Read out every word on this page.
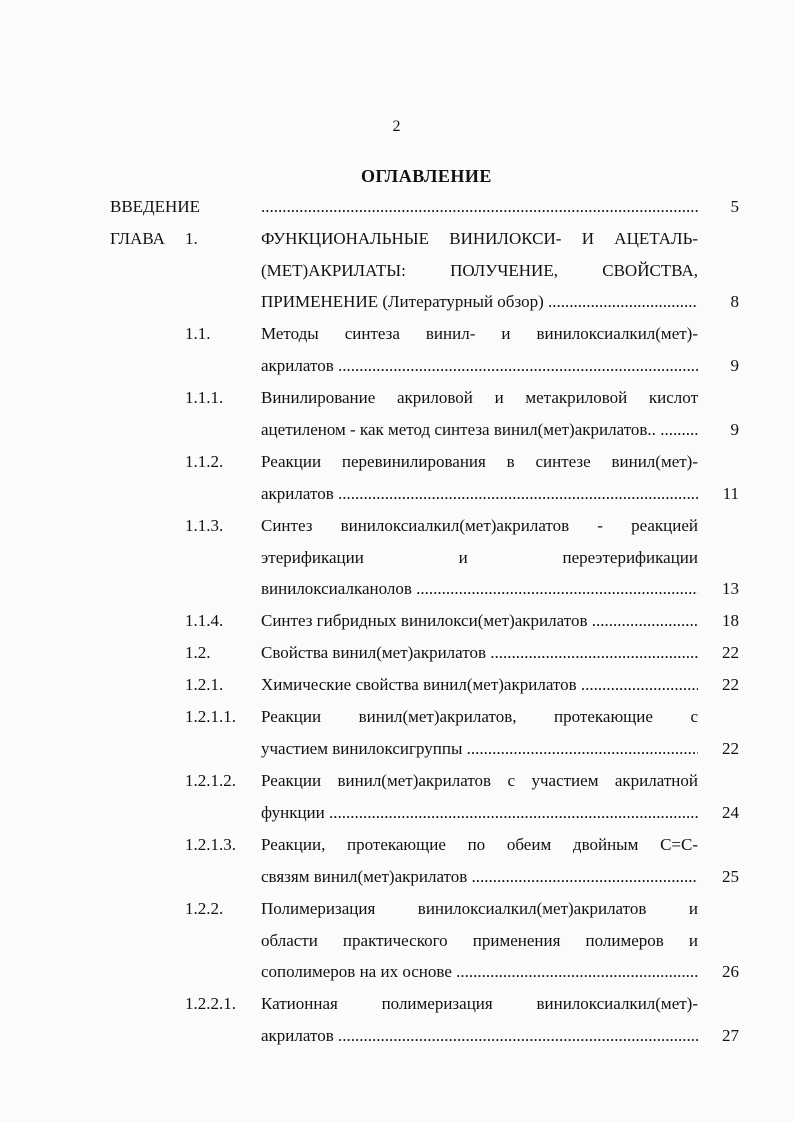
2
ОГЛАВЛЕНИЕ
ВВЕДЕНИЕ .....	5
ГЛАВА 1.	ФУНКЦИОНАЛЬНЫЕ ВИНИЛОКСИ- И АЦЕТАЛЬ-
(МЕТ)АКРИЛАТЫ: ПОЛУЧЕНИЕ, СВОЙСТВА,
ПРИМЕНЕНИЕ (Литературный обзор) .....	8
1.1.	Методы синтеза винил- и винилоксиалкил(мет)-
акрилатов .....	9
1.1.1. Винилирование акриловой и метакриловой кислот
ацетиленом - как метод синтеза винил(мет)акрилатов.. .....	9
1.1.2. Реакции перевинилирования в синтезе винил(мет)-
акрилатов .....	11
1.1.3. Синтез винилоксиалкил(мет)акрилатов - реакцией
этерификации и переэтерификации
винилоксиалканолов .....	13
1.1.4. Синтез гибридных винилокси(мет)акрилатов .....	18
1.2.	Свойства винил(мет)акрилатов .....	22
1.2.1. Химические свойства винил(мет)акрилатов .....	22
1.2.1.1. Реакции винил(мет)акрилатов, протекающие с
участием винилоксигруппы .....	22
1.2.1.2. Реакции винил(мет)акрилатов с участием акрилатной
функции .....	24
1.2.1.3. Реакции, протекающие по обеим двойным С=С-
связям винил(мет)акрилатов .....	25
1.2.2. Полимеризация винилоксиалкил(мет)акрилатов и
области практического применения полимеров и
сополимеров на их основе .....	26
1.2.2.1. Катионная полимеризация винилоксиалкил(мет)-
акрилатов .....	27
